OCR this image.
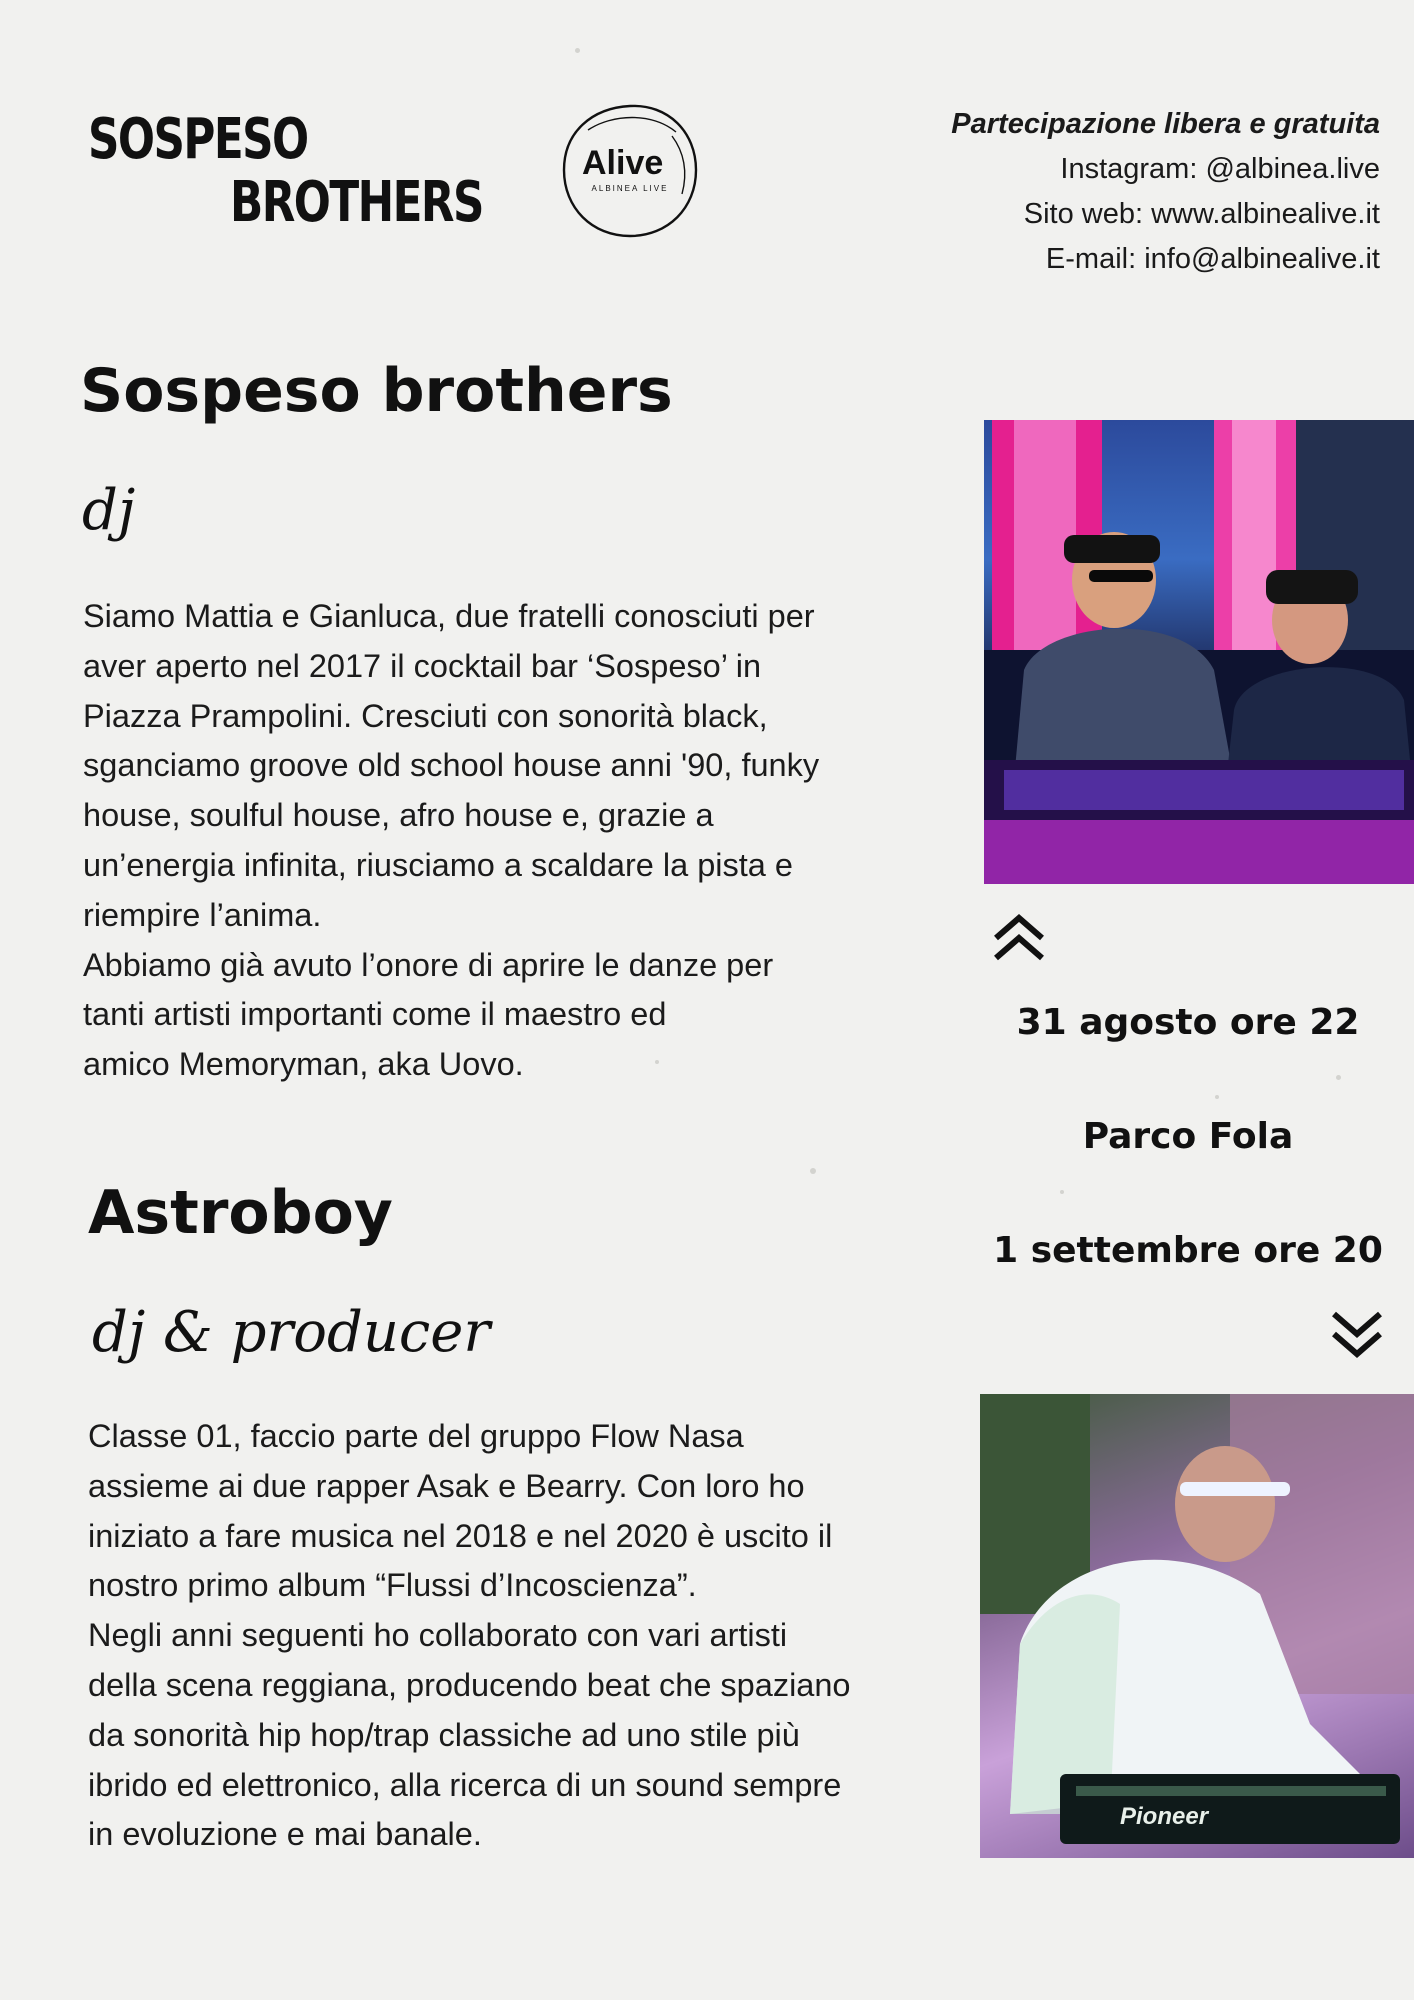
SOSPESO
BROTHERS
Alive
ALBINEA LIVE
Partecipazione libera e gratuita
Instagram: @albinea.live
Sito web: www.albinealive.it
E-mail: info@albinealive.it
Sospeso brothers
dj

Siamo Mattia e Gianluca, due fratelli conosciuti per

aver aperto nel 2017 il cocktail bar ‘Sospeso’ in

Piazza Prampolini. Cresciuti con sonorità black,

sganciamo groove old school house anni '90, funky

house, soulful house, afro house e, grazie a

un’energia infinita, riusciamo a scaldare la pista e

riempire l’anima.

Abbiamo già avuto l’onore di aprire le danze per

tanti artisti importanti come il maestro ed

amico Memoryman, aka Uovo.

Astroboy
dj & producer

Classe 01, faccio parte del gruppo Flow Nasa

assieme ai due rapper Asak e Bearry. Con loro ho

iniziato a fare musica nel 2018 e nel 2020 è uscito il

nostro primo album “Flussi d’Incoscienza”.

Negli anni seguenti ho collaborato con vari artisti

della scena reggiana, producendo beat che spaziano

da sonorità hip hop/trap classiche ad uno stile più

ibrido ed elettronico, alla ricerca di un sound sempre

in evoluzione e mai banale.

31 agosto ore 22
Parco Fola
1 settembre ore 20
Pioneer
